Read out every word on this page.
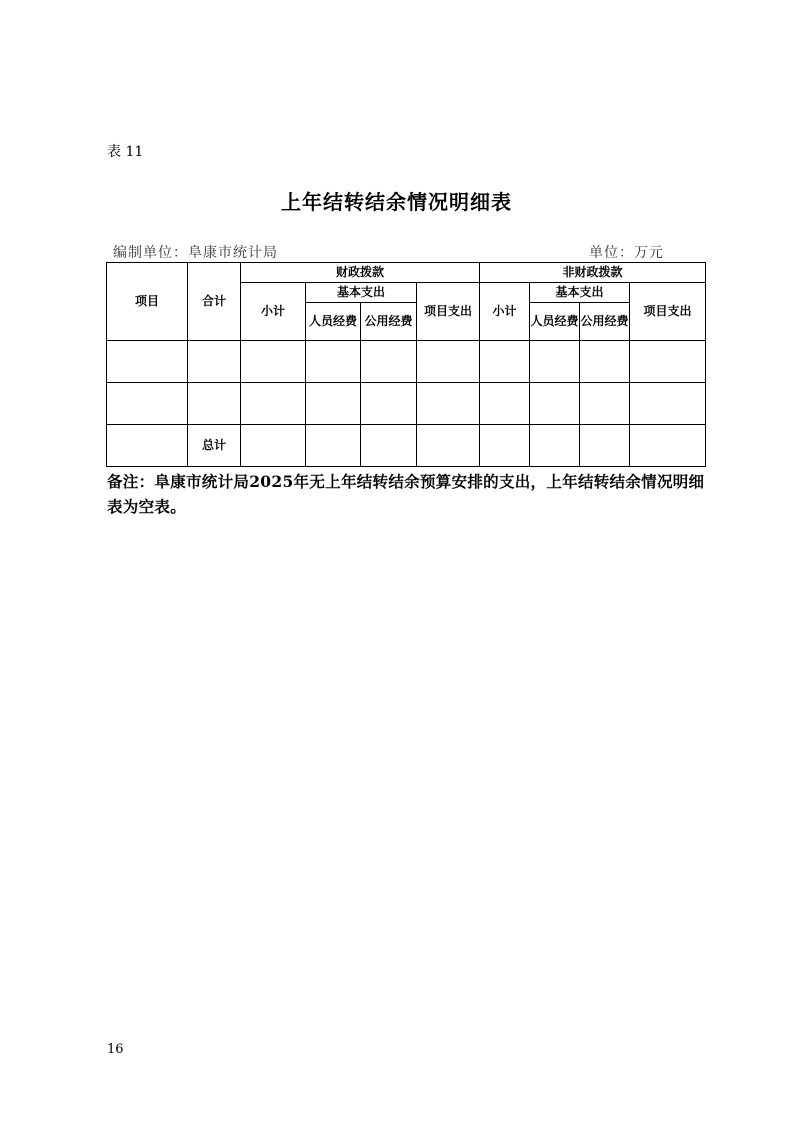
表 11
上年结转结余情况明细表
编制单位：阜康市统计局	单位：万元
项目	合计	财政拨款				非财政拨款			
		小计	基本支出		项目支出	小计	基本支出		项目支出
			人员经费	公用经费			人员经费	公用经费	

	总计								
备注：阜康市统计局2025年无上年结转结余预算安排的支出，上年结转结余情况明细表为空表。
16
